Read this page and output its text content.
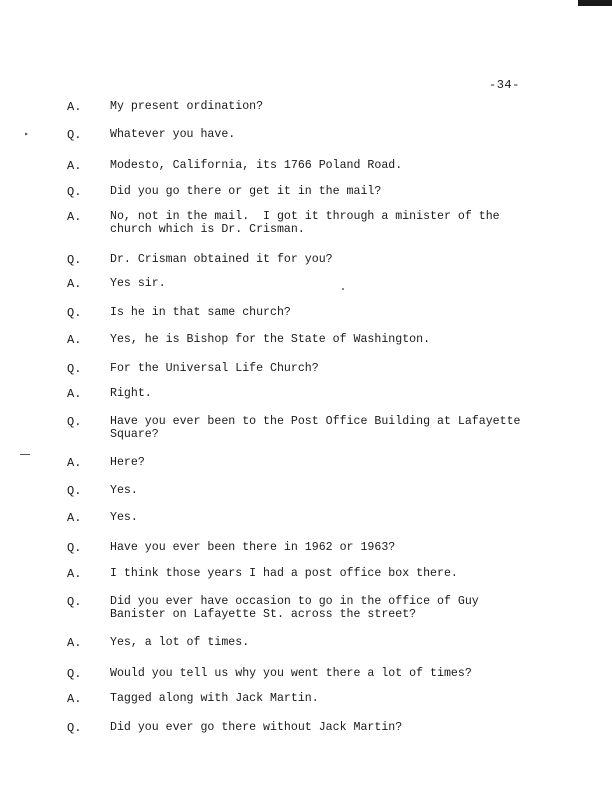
-34-
A.	My present ordination?
Q.	Whatever you have.
A.	Modesto, California, its 1766 Poland Road.
Q.	Did you go there or get it in the mail?
A.	No, not in the mail.  I got it through a minister of the
church which is Dr. Crisman.
Q.	Dr. Crisman obtained it for you?
A.	Yes sir.
Q.	Is he in that same church?
A.	Yes, he is Bishop for the State of Washington.
Q.	For the Universal Life Church?
A.	Right.
Q.	Have you ever been to the Post Office Building at Lafayette
Square?
A.	Here?
Q.	Yes.
A.	Yes.
Q.	Have you ever been there in 1962 or 1963?
A.	I think those years I had a post office box there.
Q.	Did you ever have occasion to go in the office of Guy
Banister on Lafayette St. across the street?
A.	Yes, a lot of times.
Q.	Would you tell us why you went there a lot of times?
A.	Tagged along with Jack Martin.
Q.	Did you ever go there without Jack Martin?
‣
